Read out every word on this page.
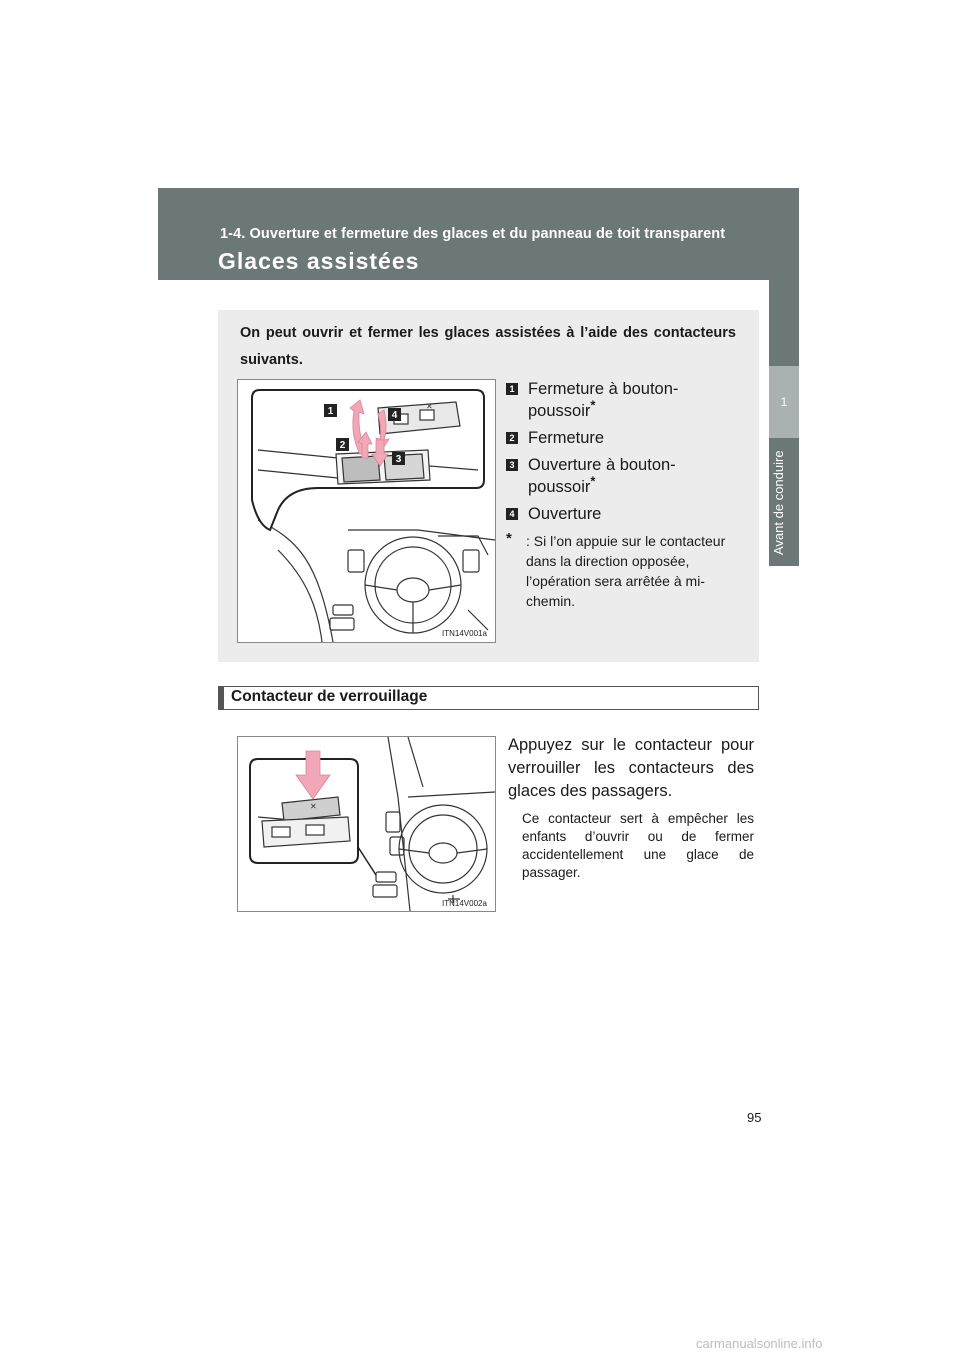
1-4. Ouverture et fermeture des glaces et du panneau de toit transparent
Glaces assistées
1
Avant de conduire
On peut ouvrir et fermer les glaces assistées à l’aide des contacteurs suivants.
✕
1
2
3
4
ITN14V001a
1 Fermeture à bouton-poussoir*
2 Fermeture
3 Ouverture à bouton-poussoir*
4 Ouverture
* : Si l’on appuie sur le contacteur dans la direction opposée, l’opération sera arrêtée à mi-chemin.
Contacteur de verrouillage
✕
ITN14V002a
Appuyez sur le contacteur pour verrouiller les contacteurs des glaces des passagers.
Ce contacteur sert à empêcher les enfants d’ouvrir ou de fermer accidentellement une glace de passager.
95
carmanualsonline.info
